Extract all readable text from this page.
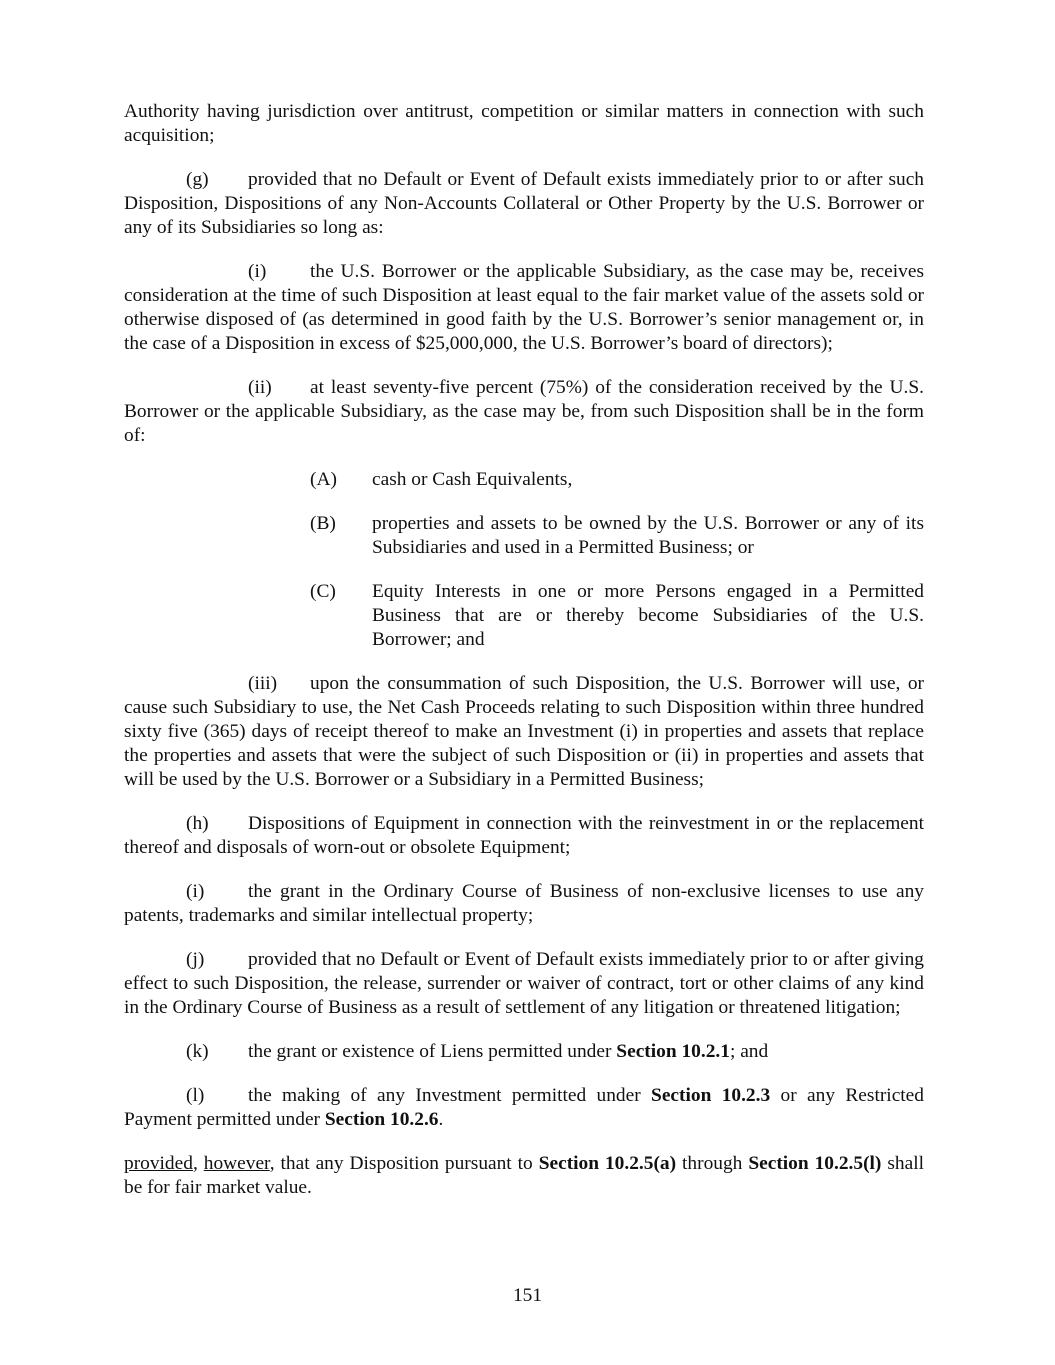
Authority having jurisdiction over antitrust, competition or similar matters in connection with such acquisition;

(g) provided that no Default or Event of Default exists immediately prior to or after such Disposition, Dispositions of any Non-Accounts Collateral or Other Property by the U.S. Borrower or any of its Subsidiaries so long as:

(i) the U.S. Borrower or the applicable Subsidiary, as the case may be, receives consideration at the time of such Disposition at least equal to the fair market value of the assets sold or otherwise disposed of (as determined in good faith by the U.S. Borrower’s senior management or, in the case of a Disposition in excess of $25,000,000, the U.S. Borrower’s board of directors);

(ii) at least seventy-five percent (75%) of the consideration received by the U.S. Borrower or the applicable Subsidiary, as the case may be, from such Disposition shall be in the form of:

(A) cash or Cash Equivalents,
(B) properties and assets to be owned by the U.S. Borrower or any of its Subsidiaries and used in a Permitted Business; or
(C) Equity Interests in one or more Persons engaged in a Permitted Business that are or thereby become Subsidiaries of the U.S. Borrower; and

(iii) upon the consummation of such Disposition, the U.S. Borrower will use, or cause such Subsidiary to use, the Net Cash Proceeds relating to such Disposition within three hundred sixty five (365) days of receipt thereof to make an Investment (i) in properties and assets that replace the properties and assets that were the subject of such Disposition or (ii) in properties and assets that will be used by the U.S. Borrower or a Subsidiary in a Permitted Business;

(h) Dispositions of Equipment in connection with the reinvestment in or the replacement thereof and disposals of worn-out or obsolete Equipment;

(i) the grant in the Ordinary Course of Business of non-exclusive licenses to use any patents, trademarks and similar intellectual property;

(j) provided that no Default or Event of Default exists immediately prior to or after giving effect to such Disposition, the release, surrender or waiver of contract, tort or other claims of any kind in the Ordinary Course of Business as a result of settlement of any litigation or threatened litigation;

(k) the grant or existence of Liens permitted under Section 10.2.1; and

(l) the making of any Investment permitted under Section 10.2.3 or any Restricted Payment permitted under Section 10.2.6.

provided, however, that any Disposition pursuant to Section 10.2.5(a) through Section 10.2.5(l) shall be for fair market value.

151
